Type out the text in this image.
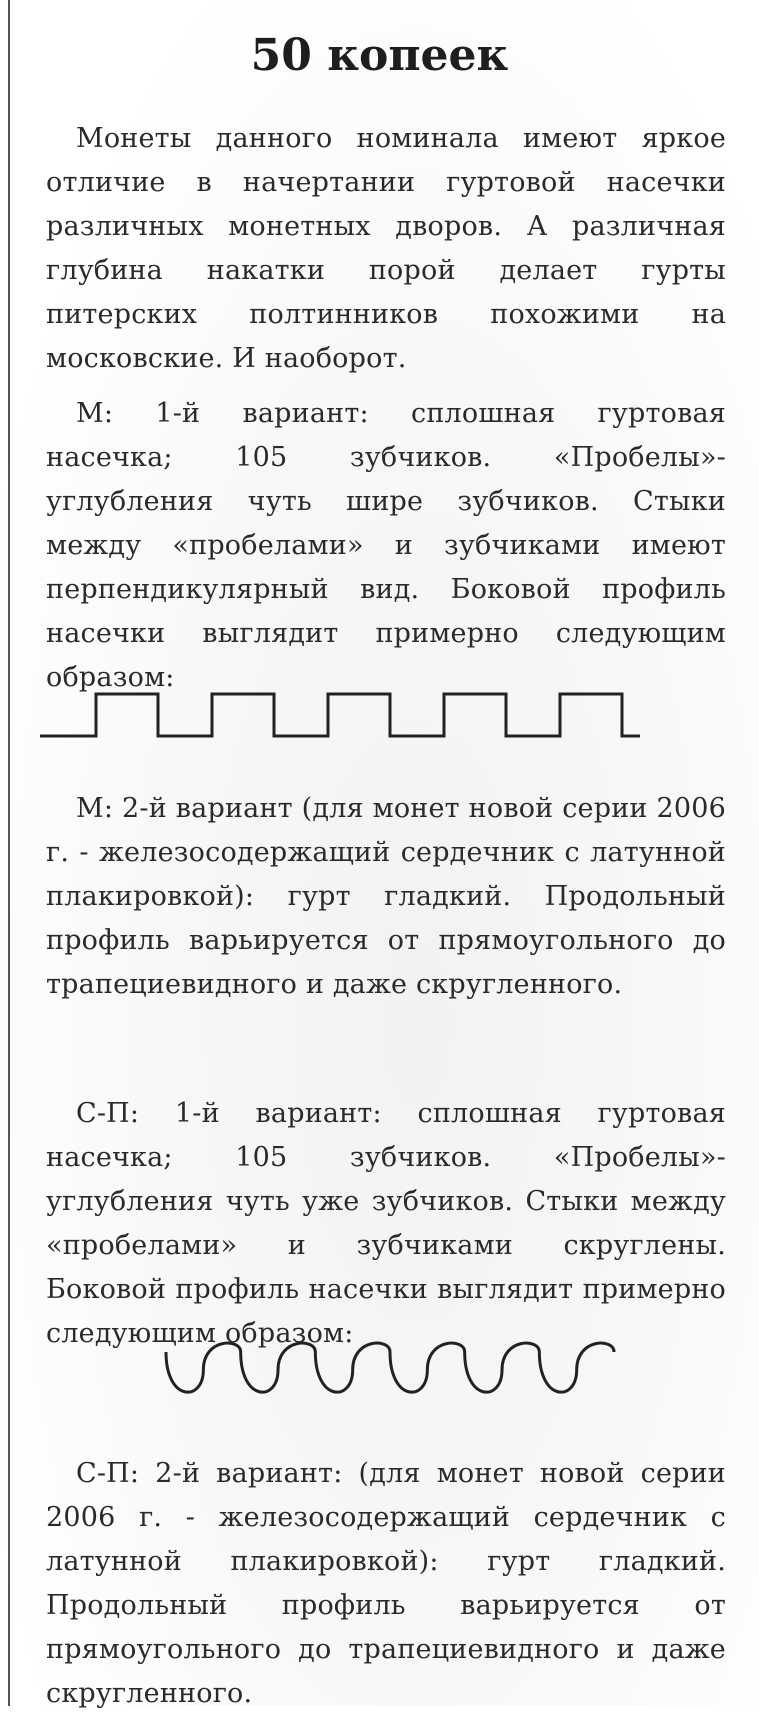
50 копеек

Монеты данного номинала имеют яркое отличие в начертании гуртовой насечки различных монетных дворов. А различная глубина накатки порой делает гурты питерских полтинников похожими на московские. И наоборот.

М: 1-й вариант: сплошная гуртовая насечка; 105 зубчиков. «Пробелы»-углубления чуть шире зубчиков. Стыки между «пробелами» и зубчиками имеют перпендикулярный вид. Боковой профиль насечки выглядит примерно следующим образом:

М: 2-й вариант (для монет новой серии 2006 г. - железосодержащий сердечник с латунной плакировкой): гурт гладкий. Продольный профиль варьируется от прямоугольного до трапециевидного и даже скругленного.

С-П: 1-й вариант: сплошная гуртовая насечка; 105 зубчиков. «Пробелы»-углубления чуть уже зубчиков. Стыки между «пробелами» и зубчиками скруглены. Боковой профиль насечки выглядит примерно следующим образом:

С-П: 2-й вариант: (для монет новой серии 2006 г. - железосодержащий сердечник с латунной плакировкой): гурт гладкий. Продольный профиль варьируется от прямоугольного до трапециевидного и даже скругленного.
